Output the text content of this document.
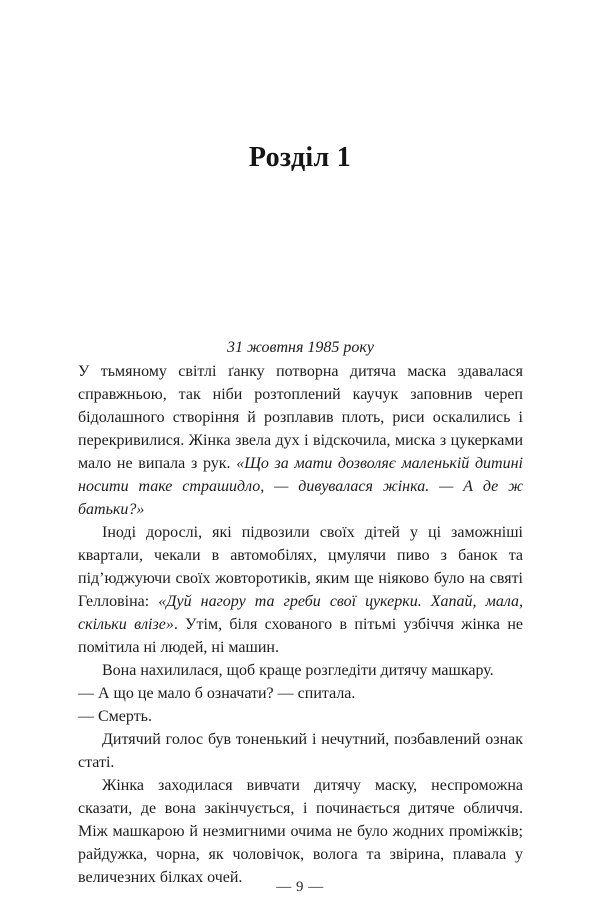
Розділ 1
31 жовтня 1985 року

У тьмяному світлі ґанку потворна дитяча маска здавалася справжньою, так ніби розтоплений каучук заповнив череп бідолашного створіння й розплавив плоть, риси оскалились і перекривилися. Жінка звела дух і відскочила, миска з цукерками мало не випала з рук. «Що за мати дозволяє маленькій дитині носити таке страшидло, — дивувалася жінка. — А де ж батьки?»

Іноді дорослі, які підвозили своїх дітей у ці заможніші квартали, чекали в автомобілях, цмулячи пиво з банок та під’юджуючи своїх жовторотиків, яким ще ніяково було на святі Гелловіна: «Дуй нагору та греби свої цукерки. Хапай, мала, скільки влізе». Утім, біля схованого в пітьмі узбіччя жінка не помітила ні людей, ні машин.

Вона нахилилася, щоб краще розгледіти дитячу машкару.

— А що це мало б означати? — спитала.

— Смерть.

Дитячий голос був тоненький і нечутний, позбавлений ознак статі.

Жінка заходилася вивчати дитячу маску, неспроможна сказати, де вона закінчується, і починається дитяче обличчя. Між машкарою й незмигними очима не було жодних проміжків; райдужка, чорна, як чоловічок, волога та звірина, плавала у величезних білках очей.

— 9 —
